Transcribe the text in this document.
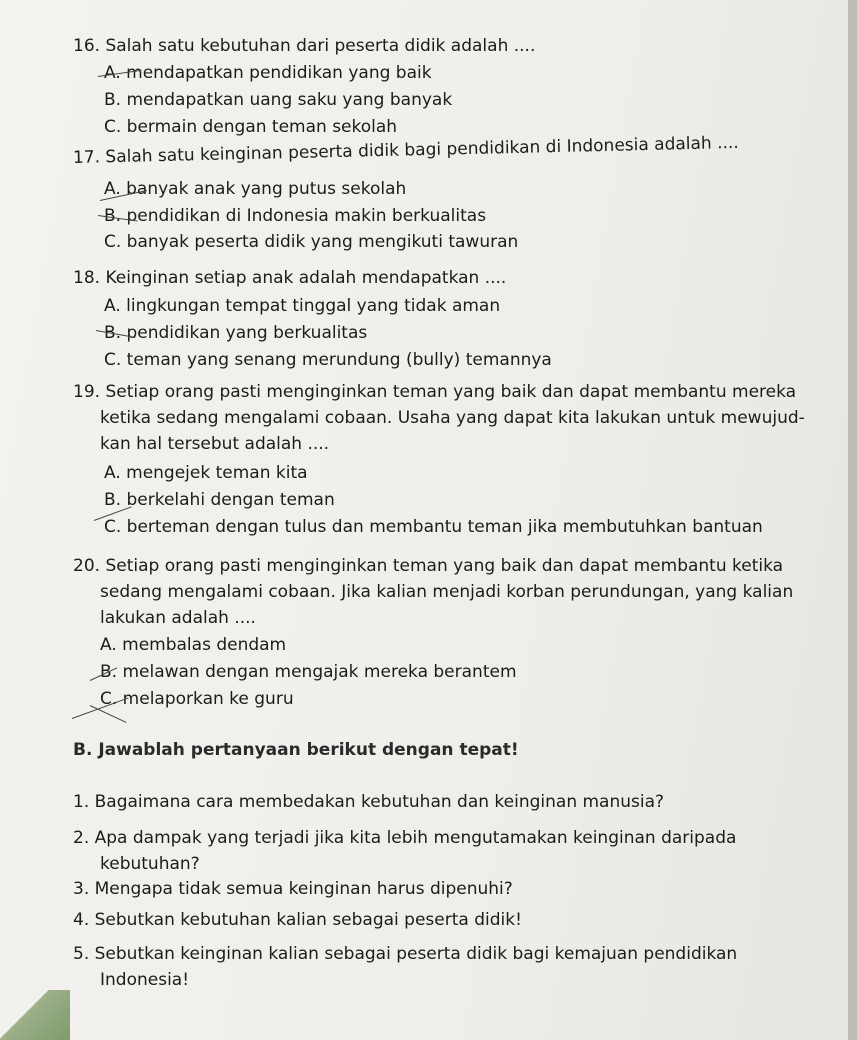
16. Salah satu kebutuhan dari peserta didik adalah ....
A. mendapatkan pendidikan yang baik
B. mendapatkan uang saku yang banyak
C. bermain dengan teman sekolah
17. Salah satu keinginan peserta didik bagi pendidikan di Indonesia adalah ....
A. banyak anak yang putus sekolah
B. pendidikan di Indonesia makin berkualitas
C. banyak peserta didik yang mengikuti tawuran
18. Keinginan setiap anak adalah mendapatkan ....
A. lingkungan tempat tinggal yang tidak aman
B. pendidikan yang berkualitas
C. teman yang senang merundung (bully) temannya
19. Setiap orang pasti menginginkan teman yang baik dan dapat membantu mereka
ketika sedang mengalami cobaan. Usaha yang dapat kita lakukan untuk mewujud-
kan hal tersebut adalah ....
A. mengejek teman kita
B. berkelahi dengan teman
C. berteman dengan tulus dan membantu teman jika membutuhkan bantuan
20. Setiap orang pasti menginginkan teman yang baik dan dapat membantu ketika
sedang mengalami cobaan. Jika kalian menjadi korban perundungan, yang kalian
lakukan adalah ....
A. membalas dendam
B. melawan dengan mengajak mereka berantem
C. melaporkan ke guru
B. Jawablah pertanyaan berikut dengan tepat!
1. Bagaimana cara membedakan kebutuhan dan keinginan manusia?
2. Apa dampak yang terjadi jika kita lebih mengutamakan keinginan daripada
kebutuhan?
3. Mengapa tidak semua keinginan harus dipenuhi?
4. Sebutkan kebutuhan kalian sebagai peserta didik!
5. Sebutkan keinginan kalian sebagai peserta didik bagi kemajuan pendidikan
Indonesia!
